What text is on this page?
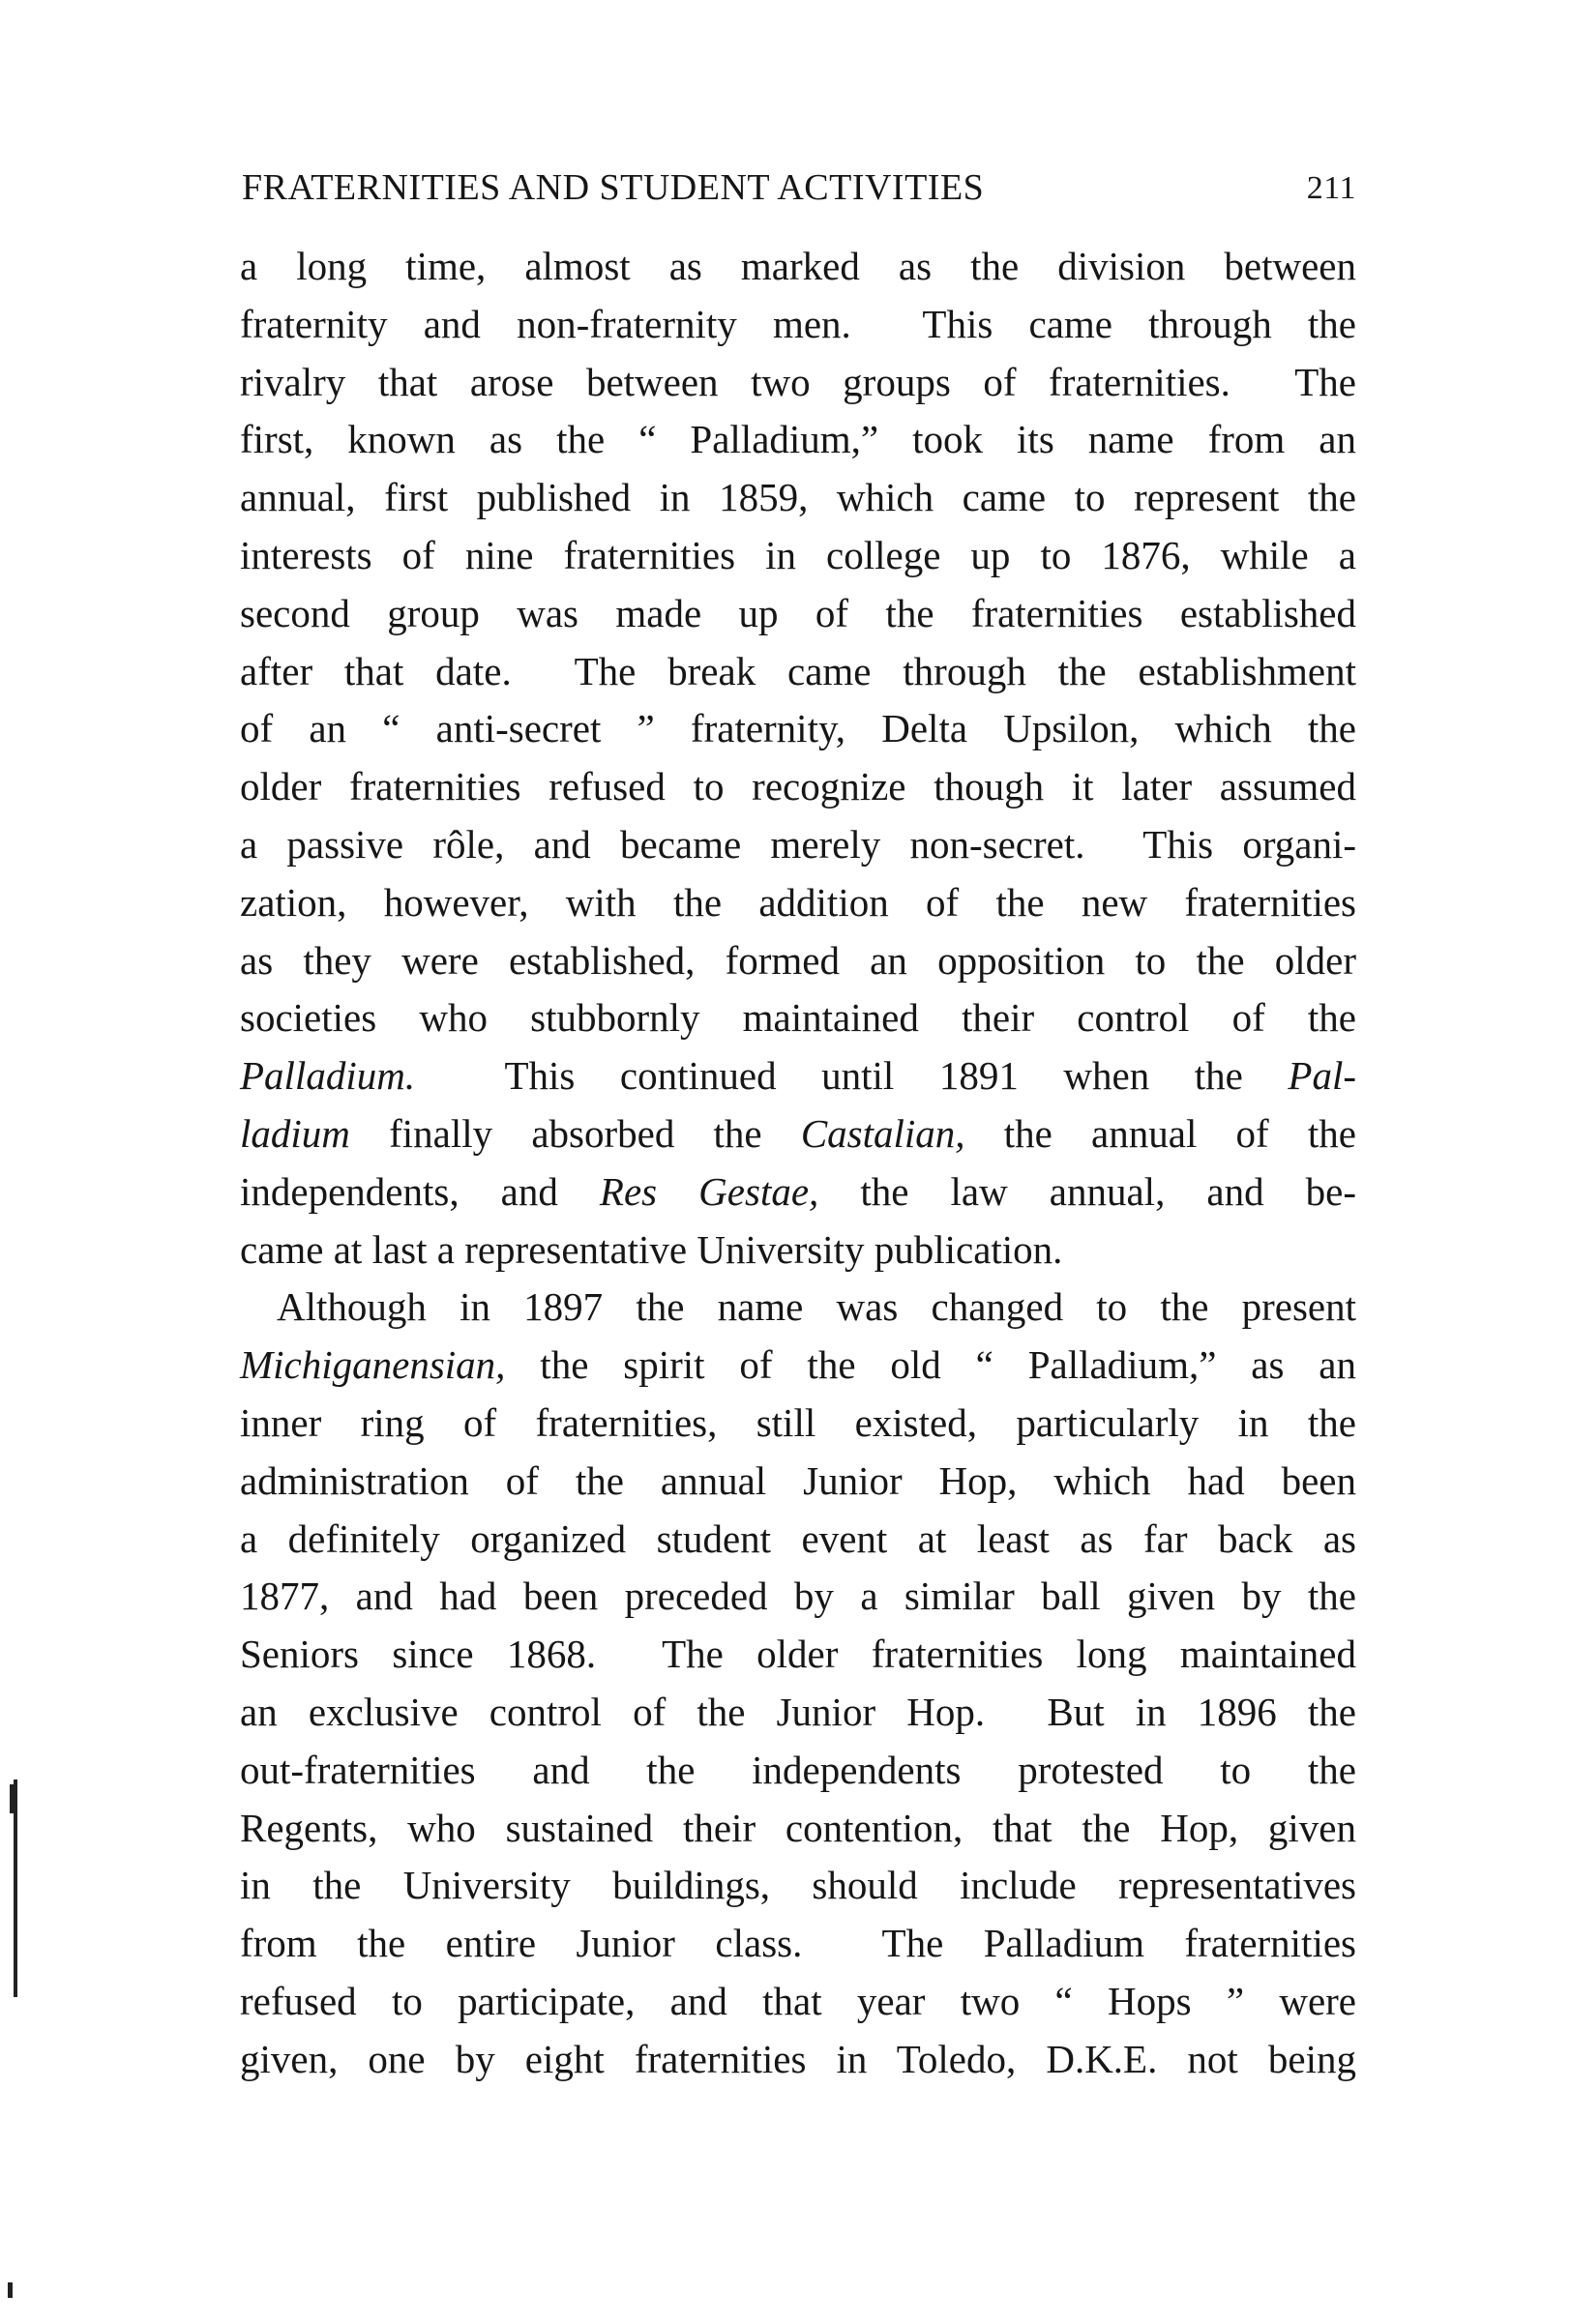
FRATERNITIES AND STUDENT ACTIVITIES	211
a long time, almost as marked as the division between
fraternity and non-fraternity men.  This came through the
rivalry that arose between two groups of fraternities.  The
first, known as the “ Palladium,” took its name from an
annual, first published in 1859, which came to represent the
interests of nine fraternities in college up to 1876, while a
second group was made up of the fraternities established
after that date.  The break came through the establishment
of an “ anti-secret ” fraternity, Delta Upsilon, which the
older fraternities refused to recognize though it later assumed
a passive rôle, and became merely non-secret.  This organi-
zation, however, with the addition of the new fraternities
as they were established, formed an opposition to the older
societies who stubbornly maintained their control of the
Palladium.  This continued until 1891 when the Pal-
ladium finally absorbed the Castalian, the annual of the
independents, and Res Gestae, the law annual, and be-
came at last a representative University publication.
Although in 1897 the name was changed to the present
Michiganensian, the spirit of the old “ Palladium,” as an
inner ring of fraternities, still existed, particularly in the
administration of the annual Junior Hop, which had been
a definitely organized student event at least as far back as
1877, and had been preceded by a similar ball given by the
Seniors since 1868.  The older fraternities long maintained
an exclusive control of the Junior Hop.  But in 1896 the
out-fraternities and the independents protested to the
Regents, who sustained their contention, that the Hop, given
in the University buildings, should include representatives
from the entire Junior class.  The Palladium fraternities
refused to participate, and that year two “ Hops ” were
given, one by eight fraternities in Toledo, D.K.E. not being
